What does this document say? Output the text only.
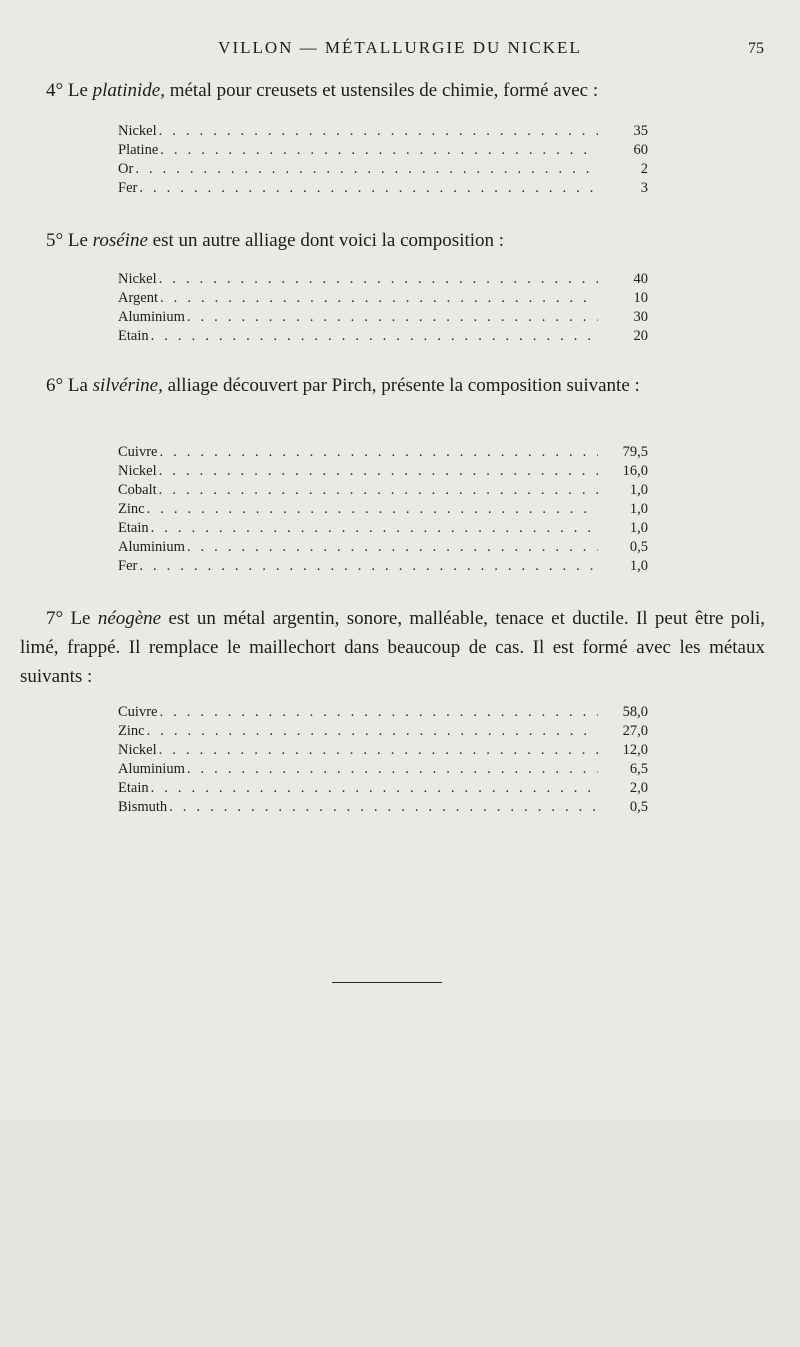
VILLON — MÉTALLURGIE DU NICKEL	75
4° Le platinide, métal pour creusets et ustensiles de chimie, formé avec :
Nickel . . .	35
Platine . . .	60
Or . . .	2
Fer . . .	3
5° Le roséine est un autre alliage dont voici la composition :
Nickel . . .	40
Argent . . .	10
Aluminium . . .	30
Etain . . .	20
6° La silvérine, alliage découvert par Pirch, présente la composition suivante :
Cuivre . . .	79,5
Nickel . . .	16,0
Cobalt . . .	1,0
Zinc . . .	1,0
Etain . . .	1,0
Aluminium . . .	0,5
Fer . . .	1,0
7° Le néogène est un métal argentin, sonore, malléable, tenace et ductile. Il peut être poli, limé, frappé. Il remplace le maillechort dans beaucoup de cas. Il est formé avec les métaux suivants :
Cuivre . . .	58,0
Zinc . . .	27,0
Nickel . . .	12,0
Aluminium . . .	6,5
Etain . . .	2,0
Bismuth . . .	0,5
